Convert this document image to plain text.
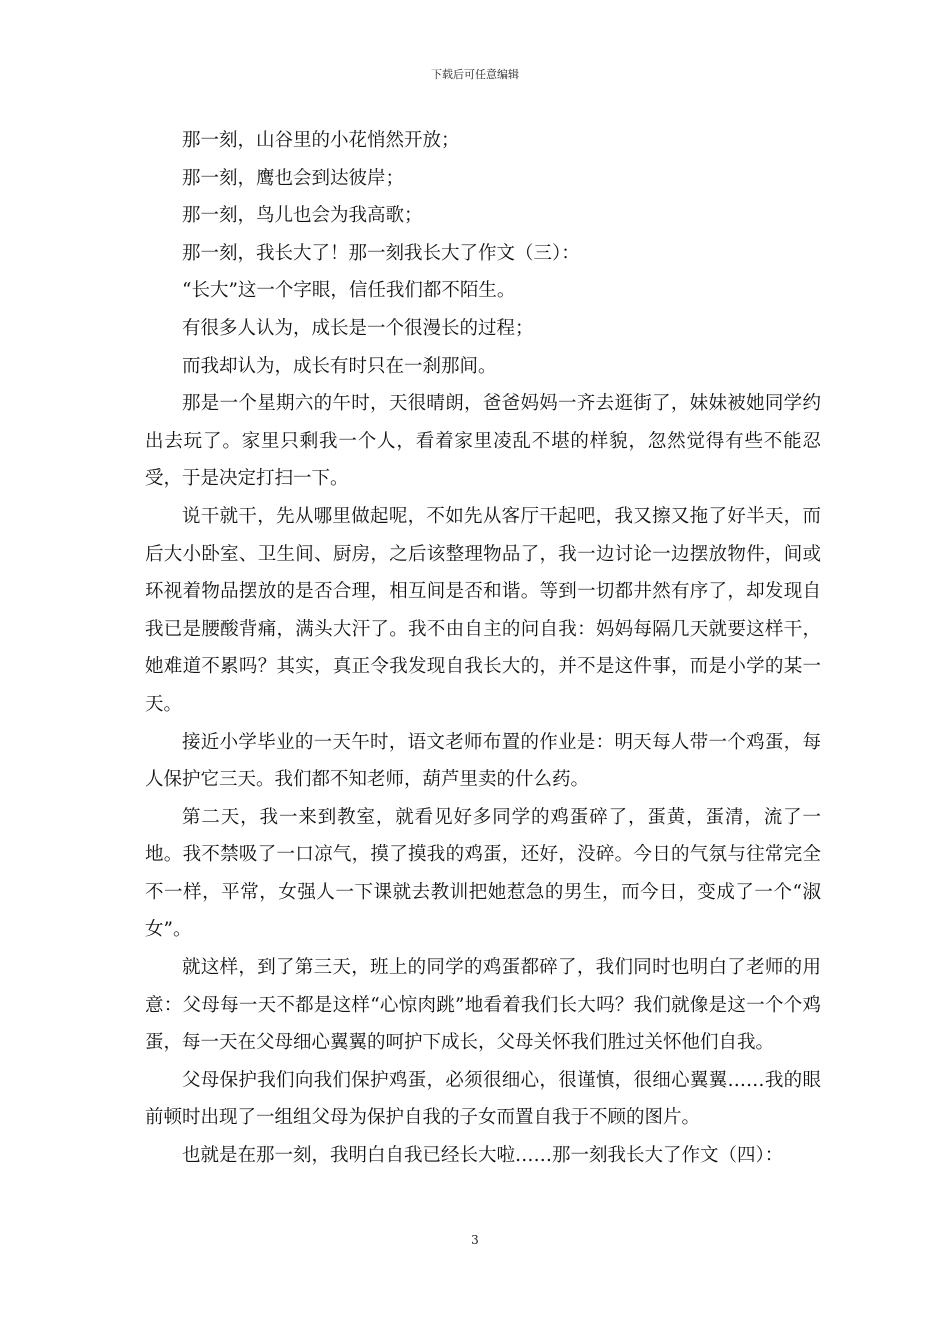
下载后可任意编辑

那一刻，山谷里的小花悄然开放；

那一刻，鹰也会到达彼岸；

那一刻，鸟儿也会为我高歌；

那一刻，我长大了！那一刻我长大了作文（三）：

“长大”这一个字眼，信任我们都不陌生。

有很多人认为，成长是一个很漫长的过程；

而我却认为，成长有时只在一刹那间。

那是一个星期六的午时，天很晴朗，爸爸妈妈一齐去逛街了，妹妹被她同学约出去玩了。家里只剩我一个人，看着家里凌乱不堪的样貌，忽然觉得有些不能忍受，于是决定打扫一下。

说干就干，先从哪里做起呢，不如先从客厅干起吧，我又擦又拖了好半天，而后大小卧室、卫生间、厨房，之后该整理物品了，我一边讨论一边摆放物件，间或环视着物品摆放的是否合理，相互间是否和谐。等到一切都井然有序了，却发现自我已是腰酸背痛，满头大汗了。我不由自主的问自我：妈妈每隔几天就要这样干，她难道不累吗？其实，真正令我发现自我长大的，并不是这件事，而是小学的某一天。

接近小学毕业的一天午时，语文老师布置的作业是：明天每人带一个鸡蛋，每人保护它三天。我们都不知老师，葫芦里卖的什么药。

第二天，我一来到教室，就看见好多同学的鸡蛋碎了，蛋黄，蛋清，流了一地。我不禁吸了一口凉气，摸了摸我的鸡蛋，还好，没碎。今日的气氛与往常完全不一样，平常，女强人一下课就去教训把她惹急的男生，而今日，变成了一个“淑女”。

就这样，到了第三天，班上的同学的鸡蛋都碎了，我们同时也明白了老师的用意：父母每一天不都是这样“心惊肉跳”地看着我们长大吗？我们就像是这一个个鸡蛋，每一天在父母细心翼翼的呵护下成长，父母关怀我们胜过关怀他们自我。

父母保护我们向我们保护鸡蛋，必须很细心，很谨慎，很细心翼翼……我的眼前顿时出现了一组组父母为保护自我的子女而置自我于不顾的图片。

也就是在那一刻，我明白自我已经长大啦……那一刻我长大了作文（四）：

3
